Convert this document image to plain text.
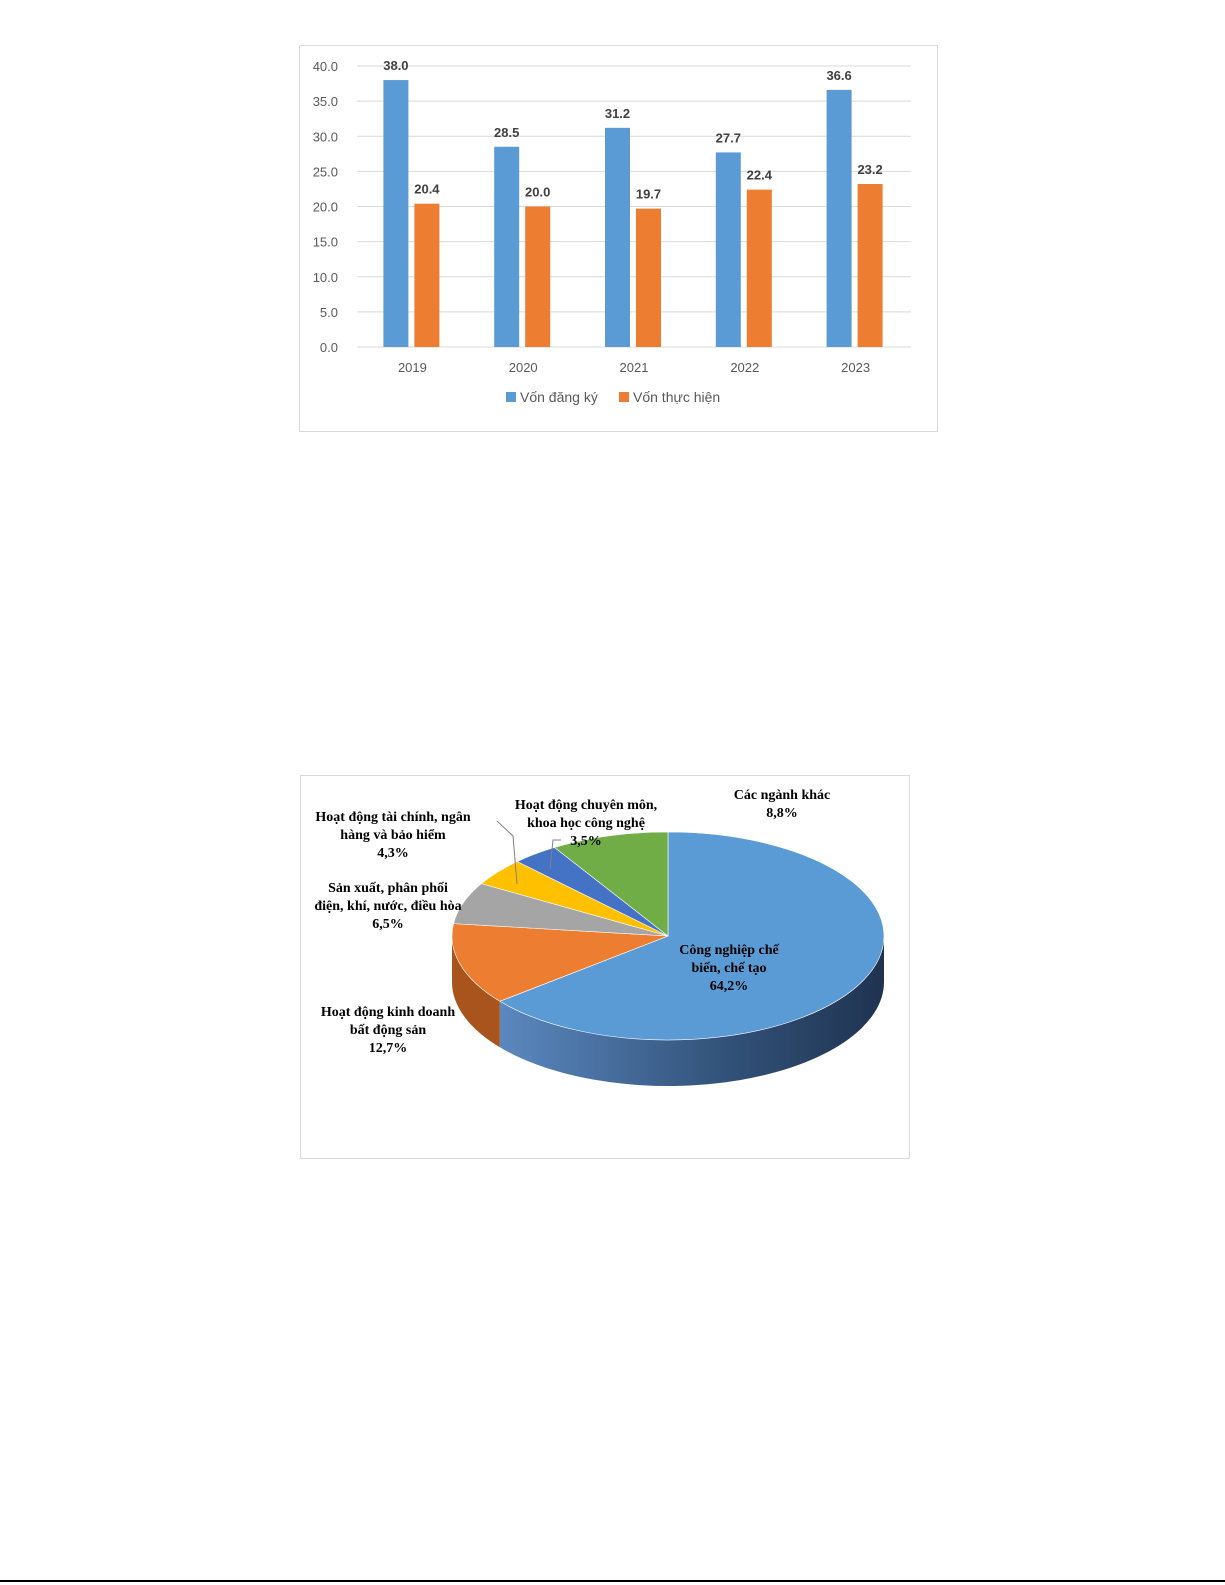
0.0
5.0
10.0
15.0
20.0
25.0
30.0
35.0
40.0	38.0
20.4
2019
28.5
20.0
2020
31.2
19.7
2021
27.7
22.4
2022
36.6
23.2
2023
Vốn đăng ký	Vốn thực hiện
Công nghiệp chế biến, chế tạo 64,2%
Hoạt động kinh doanh bất động sản 12,7%
Sản xuất, phân phối điện, khí, nước, điều hòa 6,5%
Hoạt động tài chính, ngân hàng và bảo hiểm 4,3%
Hoạt động chuyên môn, khoa học công nghệ 3,5%
Các ngành khác 8,8%
